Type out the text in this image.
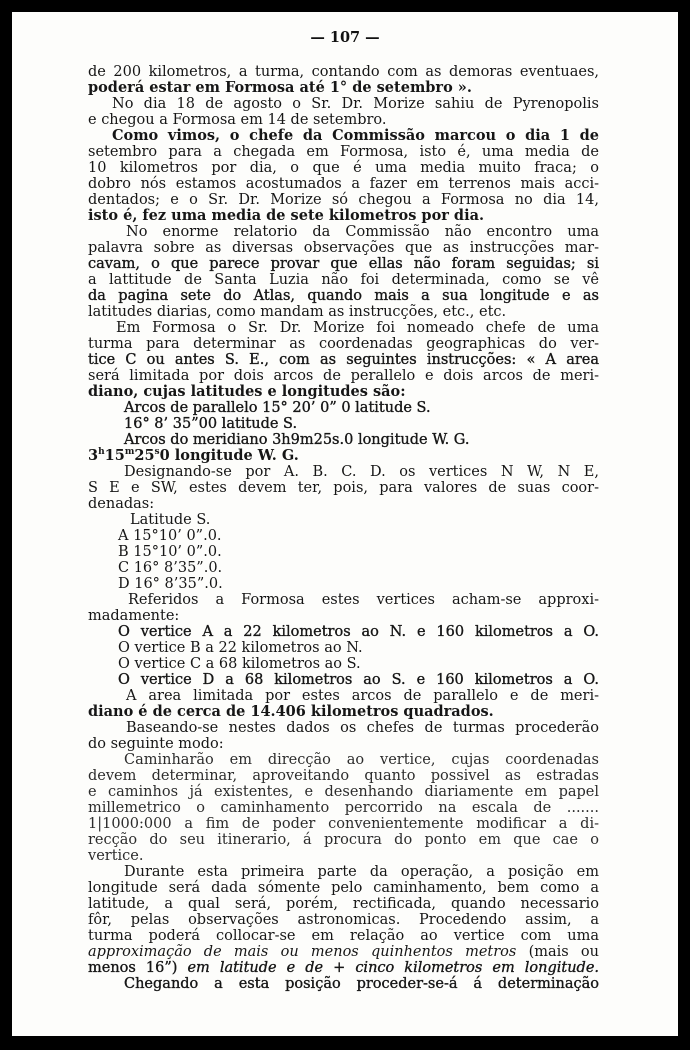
— 107 —
de 200 kilometros, a turma, contando com as demoras eventuaes,
poderá estar em Formosa até 1° de setembro ».
No dia 18 de agosto o Sr. Dr. Morize sahiu de Pyrenopolis
e chegou a Formosa em 14 de setembro.
Como vimos, o chefe da Commissão marcou o dia 1 de
setembro para a chegada em Formosa, isto é, uma media de
10 kilometros por dia, o que é uma media muito fraca; o
dobro nós estamos acostumados a fazer em terrenos mais acci-
dentados; e o Sr. Dr. Morize só chegou a Formosa no dia 14,
isto é, fez uma media de sete kilometros por dia.
No enorme relatorio da Commissão não encontro uma
palavra sobre as diversas observações que as instrucções mar-
cavam, o que parece provar que ellas não foram seguidas; si
a lattitude de Santa Luzia não foi determinada, como se vê
da pagina sete do Atlas, quando mais a sua longitude e as
latitudes diarias, como mandam as instrucções, etc., etc.
Em Formosa o Sr. Dr. Morize foi nomeado chefe de uma
turma para determinar as coordenadas geographicas do ver-
tice C ou antes S. E., com as seguintes instrucções: « A area
será limitada por dois arcos de perallelo e dois arcos de meri-
diano, cujas latitudes e longitudes são:
Arcos de parallelo 15° 20’ 0” 0 latitude S.
16° 8’ 35”00 latitude S.
Arcos do meridiano 3h9m25s.0 longitude W. G.
3$^h$15$^m$25$^s$0 longitude W. G.
Designando-se por A. B. C. D. os vertices N W, N E,
S E e SW, estes devem ter, pois, para valores de suas coor-
denadas:
Latitude S.
A 15°10’ 0”.0.
B 15°10’ 0”.0.
C 16° 8’35”.0.
D 16° 8’35”.0.
Referidos a Formosa estes vertices acham-se approxi-
madamente:
O vertice A a 22 kilometros ao N. e 160 kilometros a O.
O vertice B a 22 kilometros ao N.
O vertice C a 68 kilometros ao S.
O vertice D a 68 kilometros ao S. e 160 kilometros a O.
A area limitada por estes arcos de parallelo e de meri-
diano é de cerca de 14.406 kilometros quadrados.
Baseando-se nestes dados os chefes de turmas procederão
do seguinte modo:
Caminharão em direcção ao vertice, cujas coordenadas
devem determinar, aproveitando quanto possivel as estradas
e caminhos já existentes, e desenhando diariamente em papel
millemetrico o caminhamento percorrido na escala de .......
1|1000:000 a fim de poder convenientemente modificar a di-
recção do seu itinerario, á procura do ponto em que cae o
vertice.
Durante esta primeira parte da operação, a posição em
longitude será dada sómente pelo caminhamento, bem como a
latitude, a qual será, porém, rectificada, quando necessario
fôr, pelas observações astronomicas. Procedendo assim, a
turma poderá collocar-se em relação ao vertice com uma
approximação de mais ou menos quinhentos metros (mais ou
menos 16”) em latitude e de + cinco kilometros em longitude.
Chegando a esta posição proceder-se-á á determinação
